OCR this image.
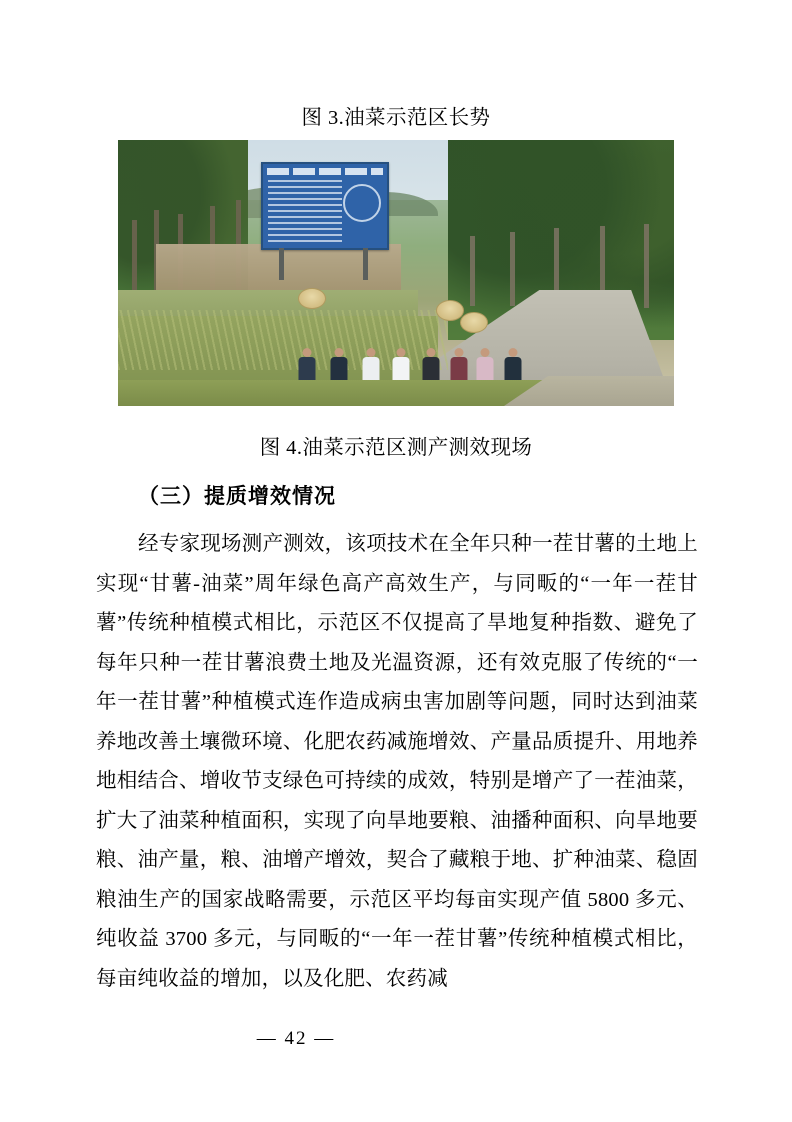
图 3.油菜示范区长势
图 4.油菜示范区测产测效现场
（三）提质增效情况
经专家现场测产测效，该项技术在全年只种一茬甘薯的土地上实现“甘薯-油菜”周年绿色高产高效生产，与同畈的“一年一茬甘薯”传统种植模式相比，示范区不仅提高了旱地复种指数、避免了每年只种一茬甘薯浪费土地及光温资源，还有效克服了传统的“一年一茬甘薯”种植模式连作造成病虫害加剧等问题，同时达到油菜养地改善土壤微环境、化肥农药减施增效、产量品质提升、用地养地相结合、增收节支绿色可持续的成效，特别是增产了一茬油菜，扩大了油菜种植面积，实现了向旱地要粮、油播种面积、向旱地要粮、油产量，粮、油增产增效，契合了藏粮于地、扩种油菜、稳固粮油生产的国家战略需要，示范区平均每亩实现产值 5800 多元、纯收益 3700 多元，与同畈的“一年一茬甘薯”传统种植模式相比，每亩纯收益的增加，以及化肥、农药减
— 42 —
